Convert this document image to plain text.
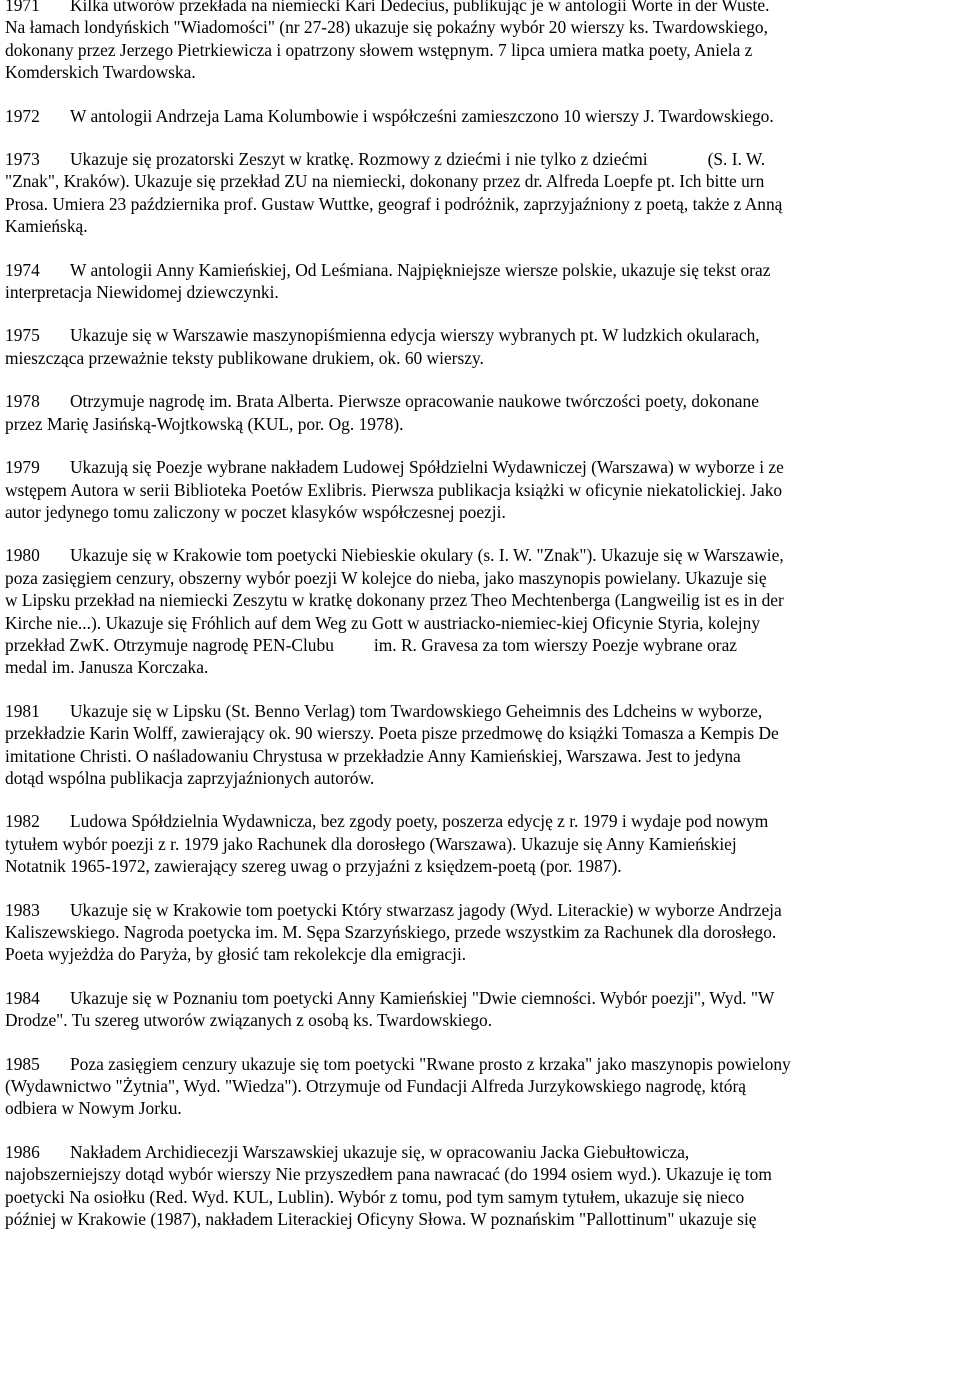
1971 Kilka utworów przekłada na niemiecki Kari Dedecius, publikując je w antologii Worte in der Wuste.
Na łamach londyńskich "Wiadomości" (nr 27-28) ukazuje się pokaźny wybór 20 wierszy ks. Twardowskiego,
dokonany przez Jerzego Pietrkiewicza i opatrzony słowem wstępnym. 7 lipca umiera matka poety, Aniela z
Komderskich Twardowska.

1972 W antologii Andrzeja Lama Kolumbowie i współcześni zamieszczono 10 wierszy J. Twardowskiego.

1973 Ukazuje się prozatorski Zeszyt w kratkę. Rozmowy z dziećmi i nie tylko z dziećmi	(S. I. W.
"Znak", Kraków). Ukazuje się przekład ZU na niemiecki, dokonany przez dr. Alfreda Loepfe pt. Ich bitte urn
Prosa. Umiera 23 października prof. Gustaw Wuttke, geograf i podróżnik, zaprzyjaźniony z poetą, także z Anną
Kamieńską.

1974 W antologii Anny Kamieńskiej, Od Leśmiana. Najpiękniejsze wiersze polskie, ukazuje się tekst oraz
interpretacja Niewidomej dziewczynki.

1975 Ukazuje się w Warszawie maszynopiśmienna edycja wierszy wybranych pt. W ludzkich okularach,
mieszcząca przeważnie teksty publikowane drukiem, ok. 60 wierszy.

1978 Otrzymuje nagrodę im. Brata Alberta. Pierwsze opracowanie naukowe twórczości poety, dokonane
przez Marię Jasińską-Wojtkowską (KUL, por. Og. 1978).

1979 Ukazują się Poezje wybrane nakładem Ludowej Spółdzielni Wydawniczej (Warszawa) w wyborze i ze
wstępem Autora w serii Biblioteka Poetów Exlibris. Pierwsza publikacja książki w oficynie niekatolickiej. Jako
autor jedynego tomu zaliczony w poczet klasyków współczesnej poezji.

1980 Ukazuje się w Krakowie tom poetycki Niebieskie okulary (s. I. W. "Znak"). Ukazuje się w Warszawie,
poza zasięgiem cenzury, obszerny wybór poezji W kolejce do nieba, jako maszynopis powielany. Ukazuje się
w Lipsku przekład na niemiecki Zeszytu w kratkę dokonany przez Theo Mechtenberga (Langweilig ist es in der
Kirche nie...). Ukazuje się Fróhlich auf dem Weg zu Gott w austriacko-niemiec-kiej Oficynie Styria, kolejny
przekład ZwK. Otrzymuje nagrodę PEN-Clubu im. R. Gravesa za tom wierszy Poezje wybrane oraz
medal im. Janusza Korczaka.

1981 Ukazuje się w Lipsku (St. Benno Verlag) tom Twardowskiego Geheimnis des Ldcheins w wyborze,
przekładzie Karin Wolff, zawierający ok. 90 wierszy. Poeta pisze przedmowę do książki Tomasza a Kempis De
imitatione Christi. O naśladowaniu Chrystusa w przekładzie Anny Kamieńskiej, Warszawa. Jest to jedyna
dotąd wspólna publikacja zaprzyjaźnionych autorów.

1982 Ludowa Spółdzielnia Wydawnicza, bez zgody poety, poszerza edycję z r. 1979 i wydaje pod nowym
tytułem wybór poezji z r. 1979 jako Rachunek dla dorosłego (Warszawa). Ukazuje się Anny Kamieńskiej
Notatnik 1965-1972, zawierający szereg uwag o przyjaźni z księdzem-poetą (por. 1987).

1983 Ukazuje się w Krakowie tom poetycki Który stwarzasz jagody (Wyd. Literackie) w wyborze Andrzeja
Kaliszewskiego. Nagroda poetycka im. M. Sępa Szarzyńskiego, przede wszystkim za Rachunek dla dorosłego.
Poeta wyjeżdża do Paryża, by głosić tam rekolekcje dla emigracji.

1984 Ukazuje się w Poznaniu tom poetycki Anny Kamieńskiej "Dwie ciemności. Wybór poezji", Wyd. "W
Drodze". Tu szereg utworów związanych z osobą ks. Twardowskiego.

1985 Poza zasięgiem cenzury ukazuje się tom poetycki "Rwane prosto z krzaka" jako maszynopis powielony
(Wydawnictwo "Żytnia", Wyd. "Wiedza"). Otrzymuje od Fundacji Alfreda Jurzykowskiego nagrodę, którą
odbiera w Nowym Jorku.

1986 Nakładem Archidiecezji Warszawskiej ukazuje się, w opracowaniu Jacka Giebułtowicza,
najobszerniejszy dotąd wybór wierszy Nie przyszedłem pana nawracać (do 1994 osiem wyd.). Ukazuje ię tom
poetycki Na osiołku (Red. Wyd. KUL, Lublin). Wybór z tomu, pod tym samym tytułem, ukazuje się nieco
później w Krakowie (1987), nakładem Literackiej Oficyny Słowa. W poznańskim "Pallottinum" ukazuje się
